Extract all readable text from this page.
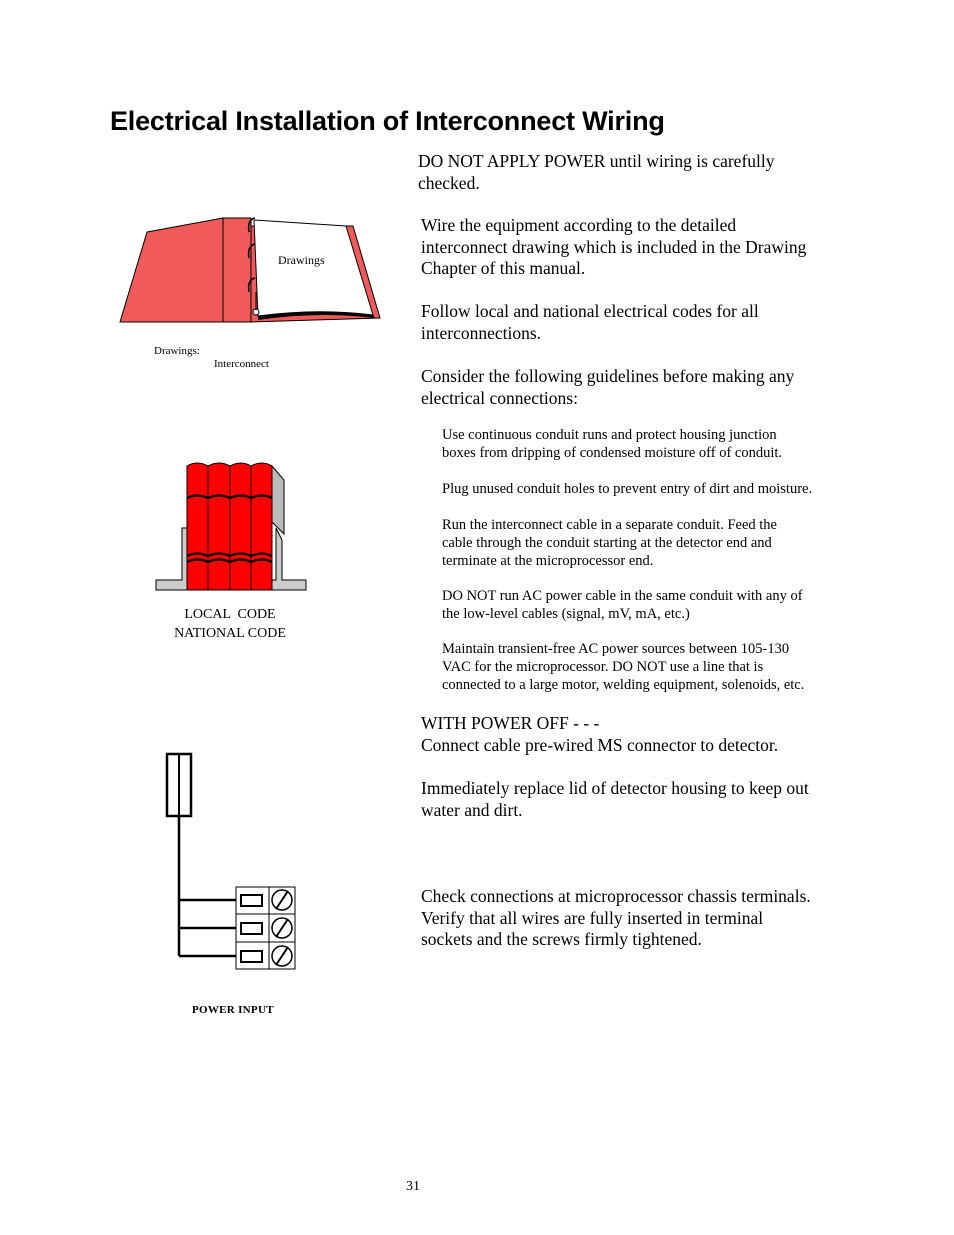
Electrical Installation of Interconnect Wiring
DO NOT APPLY POWER until wiring is carefully
checked.
Wire the equipment according to the detailed
interconnect drawing which is included in the Drawing
Chapter of this manual.
Follow local and national electrical codes for all
interconnections.
Consider the following guidelines before making any
electrical connections:
Use continuous conduit runs and protect housing junction
boxes from dripping of condensed moisture off of conduit.
Plug unused conduit holes to prevent entry of dirt and moisture.
Run the interconnect cable in a separate conduit. Feed the
cable through the conduit starting at the detector end and
terminate at the microprocessor end.
DO NOT run AC power cable in the same conduit with any of
the low-level cables (signal, mV, mA, etc.)
Maintain transient-free AC power sources between 105-130
VAC for the microprocessor. DO NOT use a line that is
connected to a large motor, welding equipment, solenoids, etc.
WITH POWER OFF - - -
Connect cable pre-wired MS connector to detector.
Immediately replace lid of detector housing to keep out
water and dirt.
Check connections at microprocessor chassis terminals.
Verify that all wires are fully inserted in terminal
sockets and the screws firmly tightened.
Drawings
Drawings:
Interconnect
LOCAL  CODE
NATIONAL CODE
POWER INPUT
31
